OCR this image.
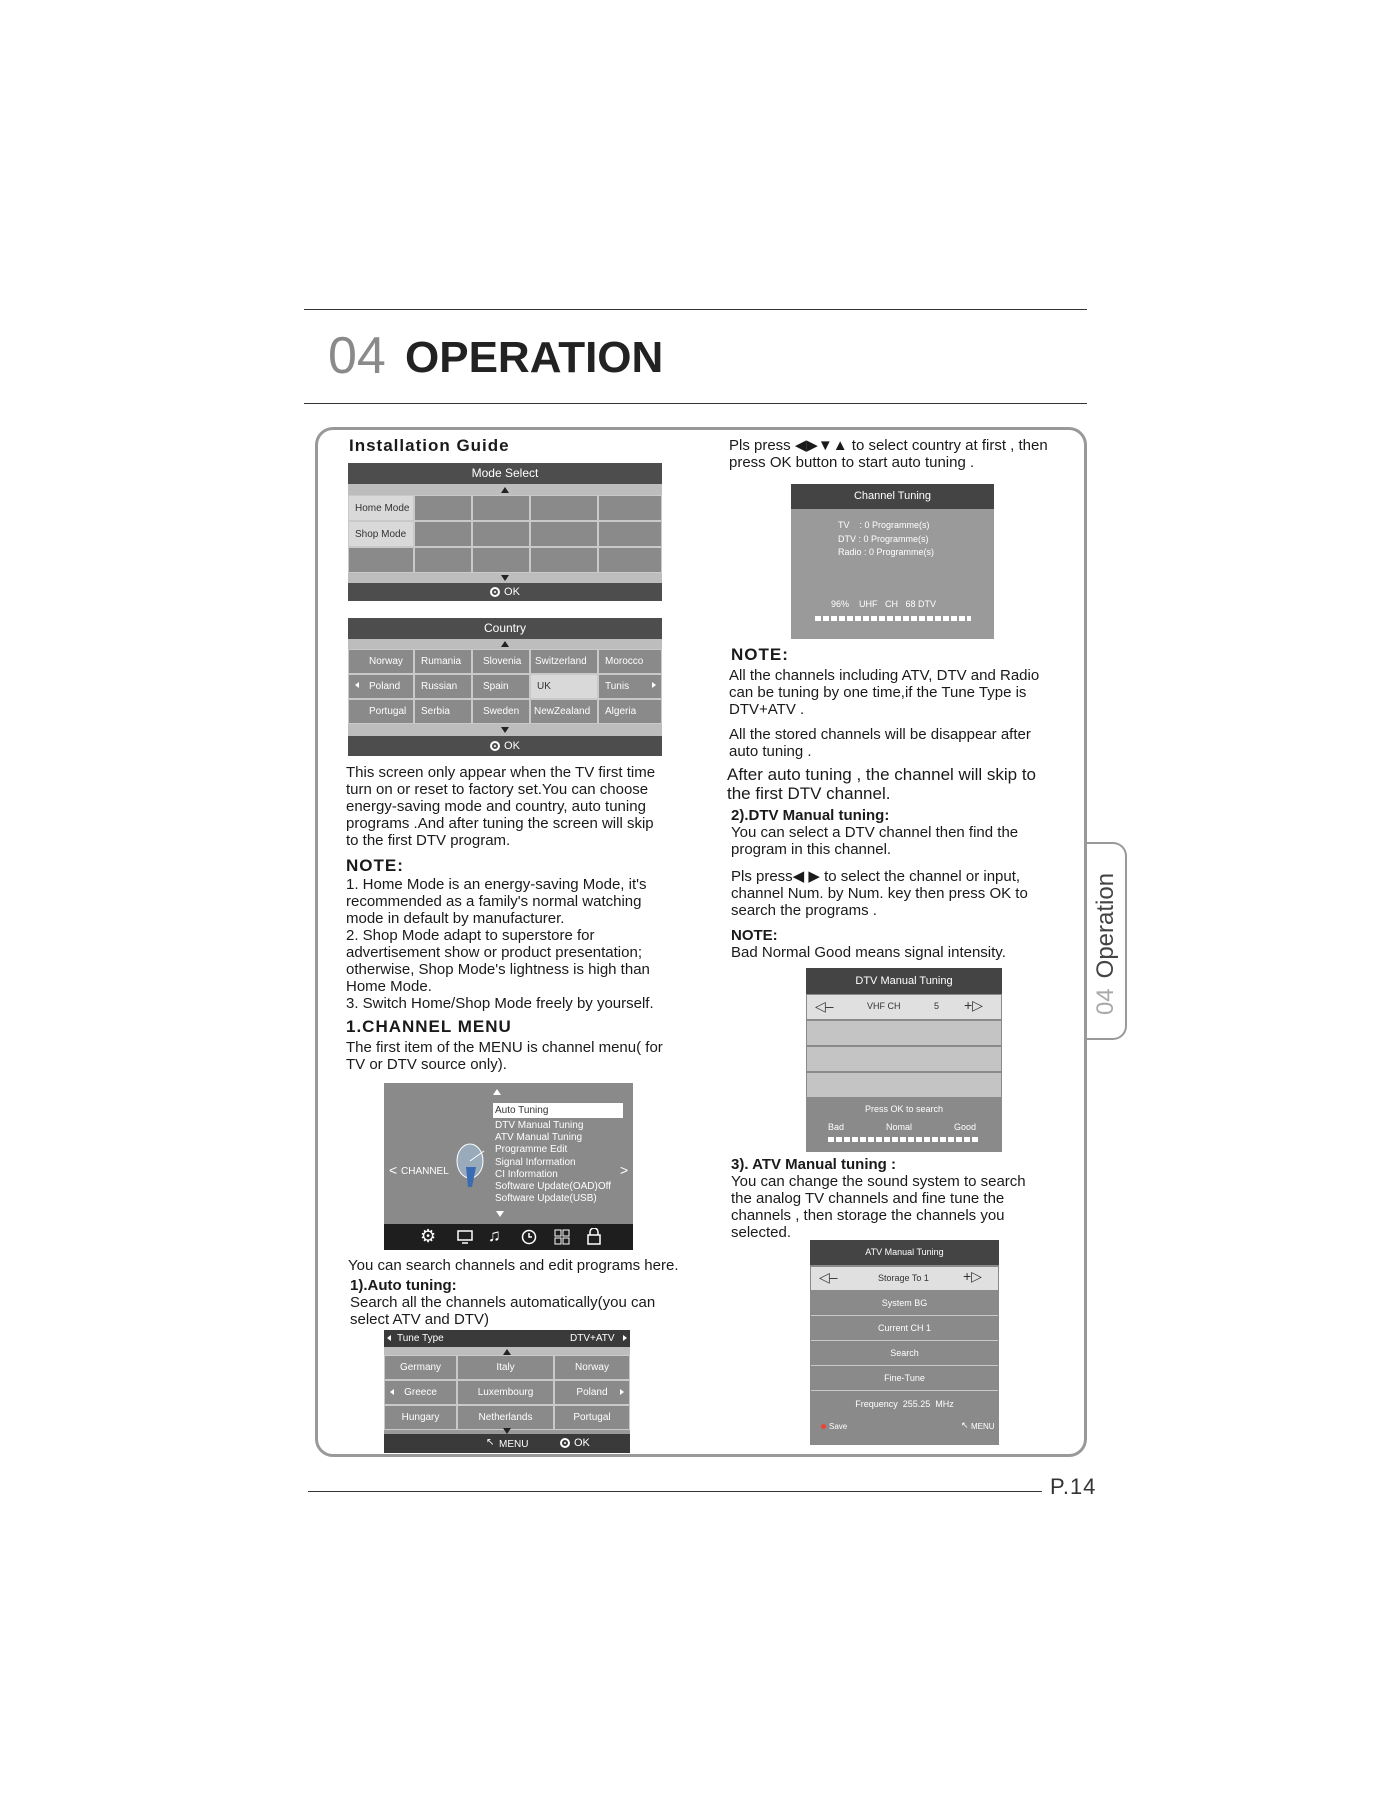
04 OPERATION
04Operation
Installation Guide
Mode Select
Home Mode
Shop Mode
OK
Country
Norway	Rumania	Slovenia	Switzerland	Morocco
Poland	Russian	Spain	UK	Tunis
Portugal	Serbia	Sweden	NewZealand	Algeria
OK
This screen only appear when the TV first time
turn on or reset to factory set.You can choose
energy-saving mode and country, auto tuning
programs .And after tuning the screen will skip
to the first DTV program.
NOTE:
1. Home Mode is an energy-saving Mode, it's
recommended as a family's normal watching
mode in default by manufacturer.
2. Shop Mode adapt to superstore for
advertisement show or product presentation;
otherwise, Shop Mode's lightness is high than
Home Mode.
3. Switch Home/Shop Mode freely by yourself.
1.CHANNEL MENU
The first item of the MENU is channel menu( for
TV or DTV source only).
< CHANNEL	>
Auto Tuning
DTV Manual Tuning
ATV Manual Tuning
Programme Edit
Signal Information
CI Information
Software Update(OAD)Off
Software Update(USB)
⚙	♫
You can search channels and edit programs here.
1).Auto tuning:
Search all the channels automatically(you can
select ATV and DTV)
Tune Type	DTV+ATV
Germany	Italy	Norway
Greece	Luxembourg	Poland
Hungary	Netherlands	Portugal
↖ MENU	OK
Pls press ◀▶▼▲ to select country at first , then
press OK button to start auto tuning .
Channel Tuning
TV    : 0 Programme(s)
DTV : 0 Programme(s)
Radio : 0 Programme(s)
96%    UHF   CH   68 DTV
NOTE:
All the channels including ATV, DTV and Radio
can be tuning by one time,if the Tune Type is
DTV+ATV .
All the stored channels will be disappear after
auto tuning .
After auto tuning , the channel will skip to
the first DTV channel.
2).DTV Manual tuning:
You can select a DTV channel then find the
program in this channel.
Pls press◀ ▶ to select the channel or input,
channel Num. by Num. key then press OK to
search the programs .
NOTE:
Bad Normal Good means signal intensity.
DTV Manual Tuning
◁–	VHF CH	5 +▷
Press OK to search
Bad	Nomal	Good
3). ATV Manual tuning :
You can change the sound system to search
the analog TV channels and fine tune the
channels , then storage the channels you
selected.
ATV Manual Tuning
◁–	Storage To 1 +▷
System BG
Current CH 1
Search
Fine-Tune
Frequency  255.25  MHz
Save	↖ MENU
P.14
